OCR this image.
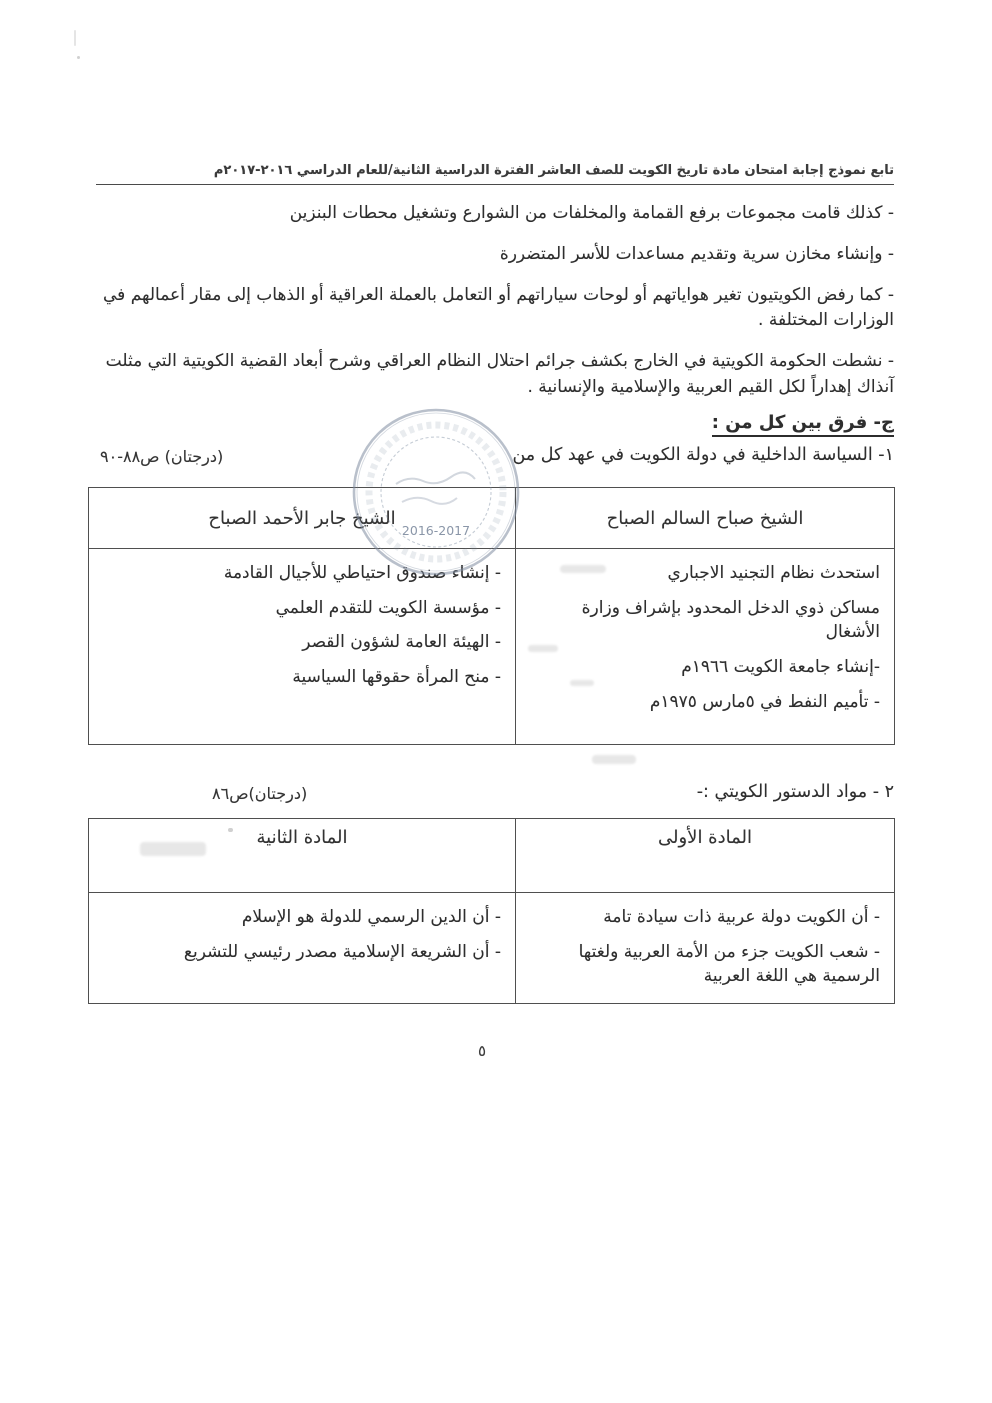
تابع نموذج إجابة امتحان مادة تاريخ الكويت للصف العاشر الفترة الدراسية الثانية/للعام الدراسي ٢٠١٦-٢٠١٧م
- كذلك قامت مجموعات برفع القمامة والمخلفات من الشوارع وتشغيل محطات البنزين
- وإنشاء مخازن سرية وتقديم مساعدات للأسر المتضررة
- كما رفض الكويتيون تغير هواياتهم أو لوحات سياراتهم أو التعامل بالعملة العراقية أو الذهاب إلى مقار أعمالهم في الوزارات المختلفة .
- نشطت الحكومة الكويتية في الخارج بكشف جرائم احتلال النظام العراقي وشرح أبعاد القضية الكويتية التي مثلت آنذاك إهداراً لكل القيم العربية والإسلامية والإنسانية .
ج- فرق بين كل من :
١- السياسة الداخلية في دولة الكويت في عهد كل من
(درجتان) ص٨٨-٩٠
الشيخ صباح السالم الصباح
استحدث نظام التجنيد الاجباري
مساكن ذوي الدخل المحدود بإشراف وزارة الأشغال
-إنشاء جامعة الكويت ١٩٦٦م
- تأميم النفط في ٥مارس ١٩٧٥م
الشيخ جابر الأحمد الصباح
- إنشاء صندوق احتياطي للأجيال القادمة
- مؤسسة الكويت للتقدم العلمي
- الهيئة العامة لشؤون القصر
- منح المرأة حقوقها السياسية
2016-2017
٢ - مواد الدستور الكويتي :-
(درجتان)ص٨٦
المادة الأولى
- أن الكويت دولة عربية ذات سيادة تامة
- شعب الكويت جزء من الأمة العربية ولغتها الرسمية هي اللغة العربية
المادة الثانية
- أن الدين الرسمي للدولة هو الإسلام
- أن الشريعة الإسلامية مصدر رئيسي للتشريع
٥
